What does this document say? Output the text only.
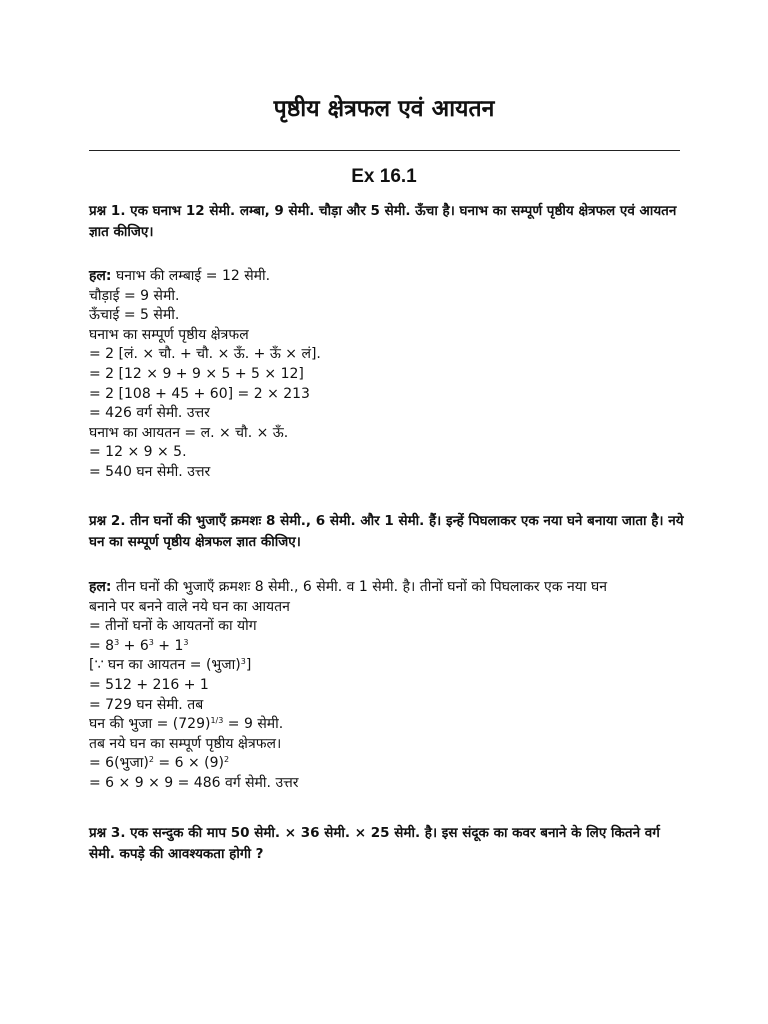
पृष्ठीय क्षेत्रफल एवं आयतन
Ex 16.1

प्रश्न 1. एक घनाभ 12 सेमी. लम्बा, 9 सेमी. चौड़ा और 5 सेमी. ऊँचा है। घनाभ का सम्पूर्ण पृष्ठीय क्षेत्रफल एवं आयतन ज्ञात कीजिए।

हल: घनाभ की लम्बाई = 12 सेमी.
चौड़ाई = 9 सेमी.
ऊँचाई = 5 सेमी.
घनाभ का सम्पूर्ण पृष्ठीय क्षेत्रफल
= 2 [लं. × चौ. + चौ. × ऊँ. + ऊँ × लं].
= 2 [12 × 9 + 9 × 5 + 5 × 12]
= 2 [108 + 45 + 60] = 2 × 213
= 426 वर्ग सेमी. उत्तर
घनाभ का आयतन = ल. × चौ. × ऊँ.
= 12 × 9 × 5.
= 540 घन सेमी. उत्तर

प्रश्न 2. तीन घनों की भुजाएँ क्रमशः 8 सेमी., 6 सेमी. और 1 सेमी. हैं। इन्हें पिघलाकर एक नया घने बनाया जाता है। नये घन का सम्पूर्ण पृष्ठीय क्षेत्रफल ज्ञात कीजिए।

हल: तीन घनों की भुजाएँ क्रमशः 8 सेमी., 6 सेमी. व 1 सेमी. है। तीनों घनों को पिघलाकर एक नया घन
बनाने पर बनने वाले नये घन का आयतन
= तीनों घनों के आयतनों का योग
= $8^3 + 6^3 + 1^3$
[∵ घन का आयतन = (भुजा)$^3$]
= 512 + 216 + 1
= 729 घन सेमी. तब
घन की भुजा = $(729)^{1/3} = 9$ सेमी.
तब नये घन का सम्पूर्ण पृष्ठीय क्षेत्रफल।
= 6(भुजा)$^2$ = $6 \times (9)^2$
= 6 × 9 × 9 = 486 वर्ग सेमी. उत्तर

प्रश्न 3. एक सन्दुक की माप 50 सेमी. × 36 सेमी. × 25 सेमी. है। इस संदूक का कवर बनाने के लिए कितने वर्ग सेमी. कपड़े की आवश्यकता होगी ?
